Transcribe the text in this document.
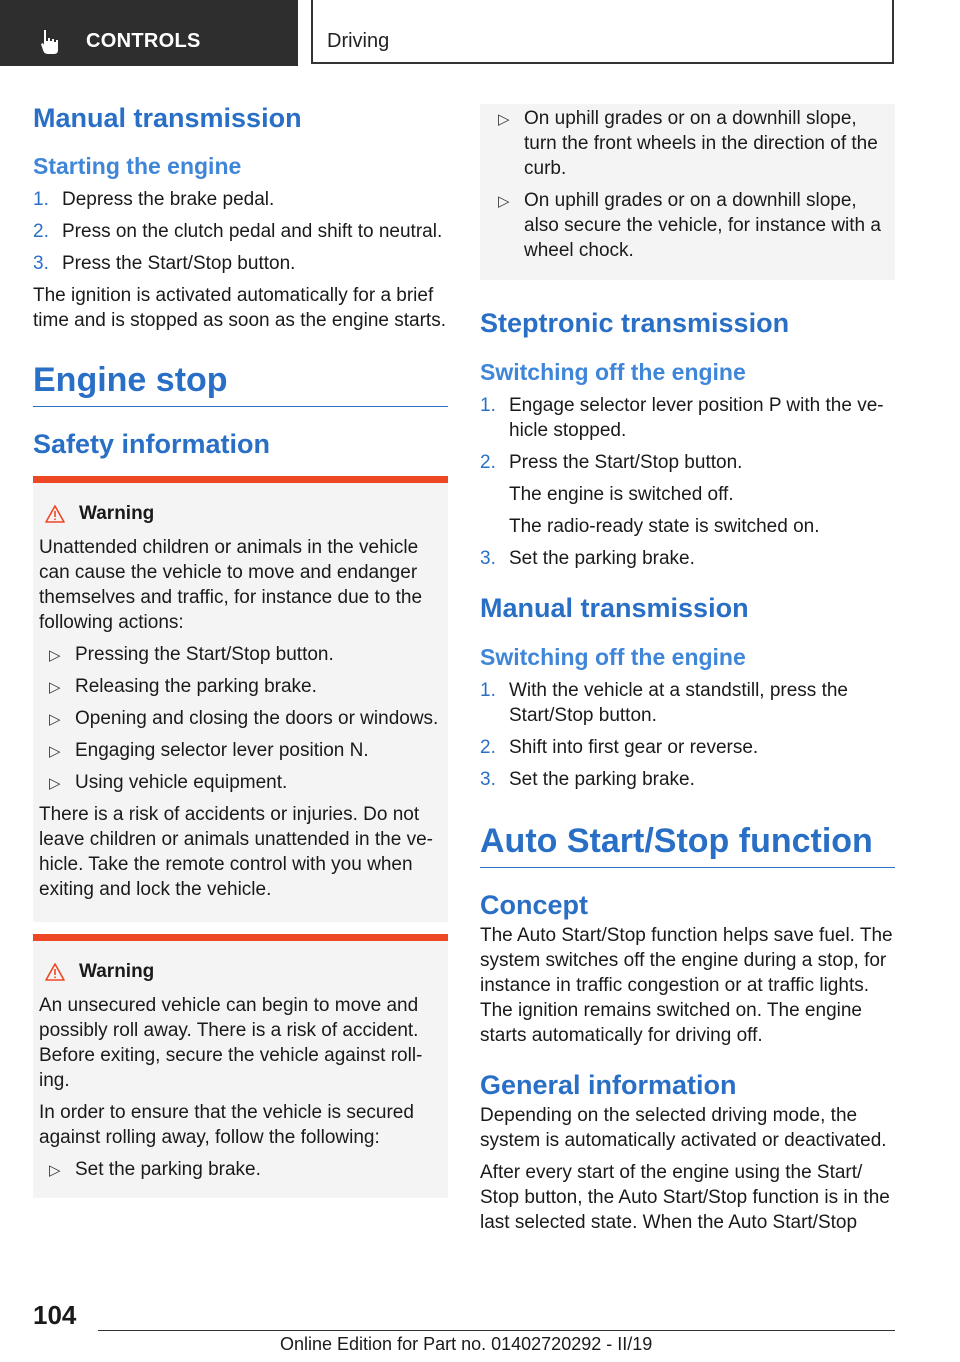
CONTROLS	Driving
Manual transmission
Starting the engine
1. Depress the brake pedal.
2. Press on the clutch pedal and shift to neutral.
3. Press the Start/Stop button.

The ignition is activated automatically for a brief time and is stopped as soon as the engine starts.

Engine stop
Safety information
Warning

Unattended children or animals in the vehicle can cause the vehicle to move and endanger themselves and traffic, for instance due to the following actions:

▷ Pressing the Start/Stop button.
▷ Releasing the parking brake.
▷ Opening and closing the doors or windows.
▷ Engaging selector lever position N.
▷ Using vehicle equipment.

There is a risk of accidents or injuries. Do not leave children or animals unattended in the vehicle. Take the remote control with you when exiting and lock the vehicle.

Warning

An unsecured vehicle can begin to move and possibly roll away. There is a risk of accident. Before exiting, secure the vehicle against rolling.

In order to ensure that the vehicle is secured against rolling away, follow the following:

▷ Set the parking brake.
▷ On uphill grades or on a downhill slope, turn the front wheels in the direction of the curb.
▷ On uphill grades or on a downhill slope, also secure the vehicle, for instance with a wheel chock.
Steptronic transmission
Switching off the engine
1. Engage selector lever position P with the vehicle stopped.
2. Press the Start/Stop button.
The engine is switched off.
The radio-ready state is switched on.
3. Set the parking brake.
Manual transmission
Switching off the engine
1. With the vehicle at a standstill, press the Start/Stop button.
2. Shift into first gear or reverse.
3. Set the parking brake.
Auto Start/Stop function
Concept

The Auto Start/Stop function helps save fuel. The system switches off the engine during a stop, for instance in traffic congestion or at traffic lights. The ignition remains switched on. The engine starts automatically for driving off.

General information

Depending on the selected driving mode, the system is automatically activated or deactivated.

After every start of the engine using the Start/ Stop button, the Auto Start/Stop function is in the last selected state. When the Auto Start/Stop

104
Online Edition for Part no. 01402720292 - II/19
